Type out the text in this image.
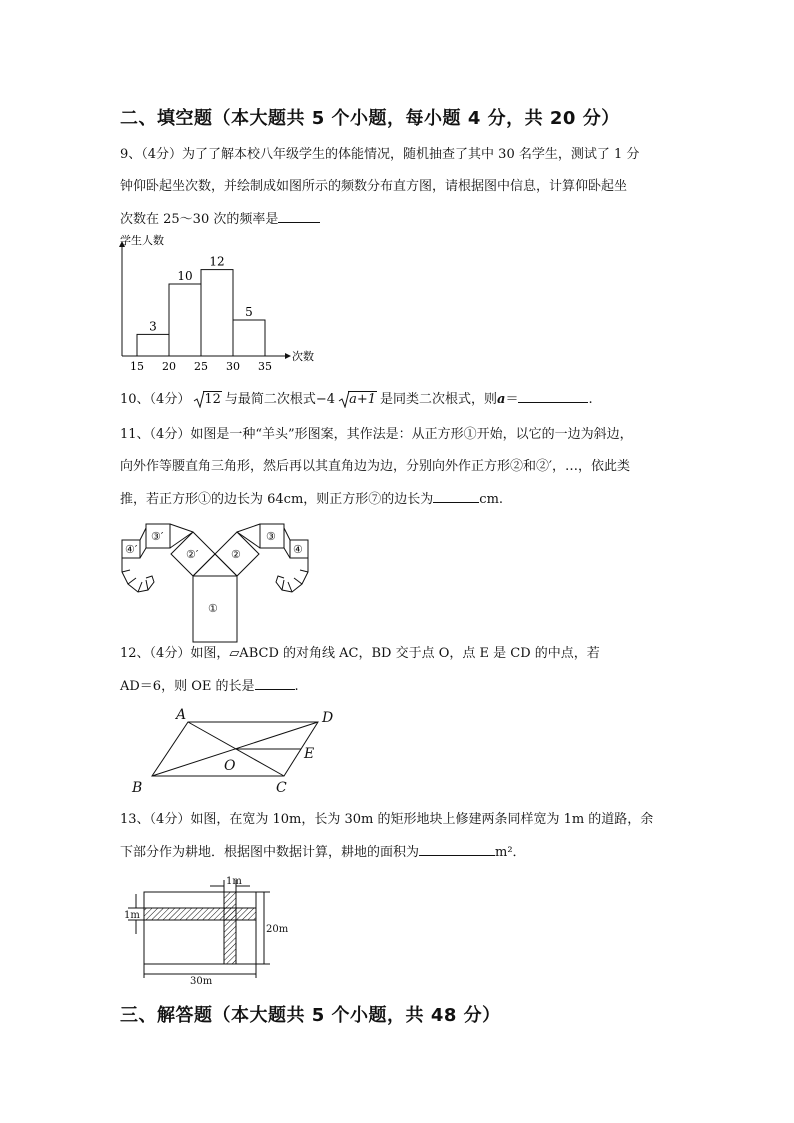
二、填空题（本大题共 5 个小题，每小题 4 分，共 20 分）
9、（4分）为了了解本校八年级学生的体能情况，随机抽查了其中 30 名学生，测试了 1 分
钟仰卧起坐次数，并绘制成如图所示的频数分布直方图，请根据图中信息，计算仰卧起坐
次数在 25～30 次的频率是
学生人数
次数
3
10
12
5
15 20 25 30 35
10、（4分） 12 与最简二次根式−4 a+1 是同类二次根式，则a＝	.
11、（4分）如图是一种“羊头”形图案，其作法是：从正方形①开始，以它的一边为斜边，
向外作等腰直角三角形，然后再以其直角边为边，分别向外作正方形②和②′，…，依此类
推，若正方形①的边长为 64cm，则正方形⑦的边长为	cm.
①
②
②′
③
③′
④
④′
12、（4分）如图，▱ABCD 的对角线 AC，BD 交于点 O，点 E 是 CD 的中点，若
AD＝6，则 OE 的长是	.
A
B	C
D
E
O
13、（4分）如图，在宽为 10m，长为 30m 的矩形地块上修建两条同样宽为 1m 的道路，余
下部分作为耕地．根据图中数据计算，耕地的面积为	m²．
1m
1m
20m
30m
三、解答题（本大题共 5 个小题，共 48 分）
